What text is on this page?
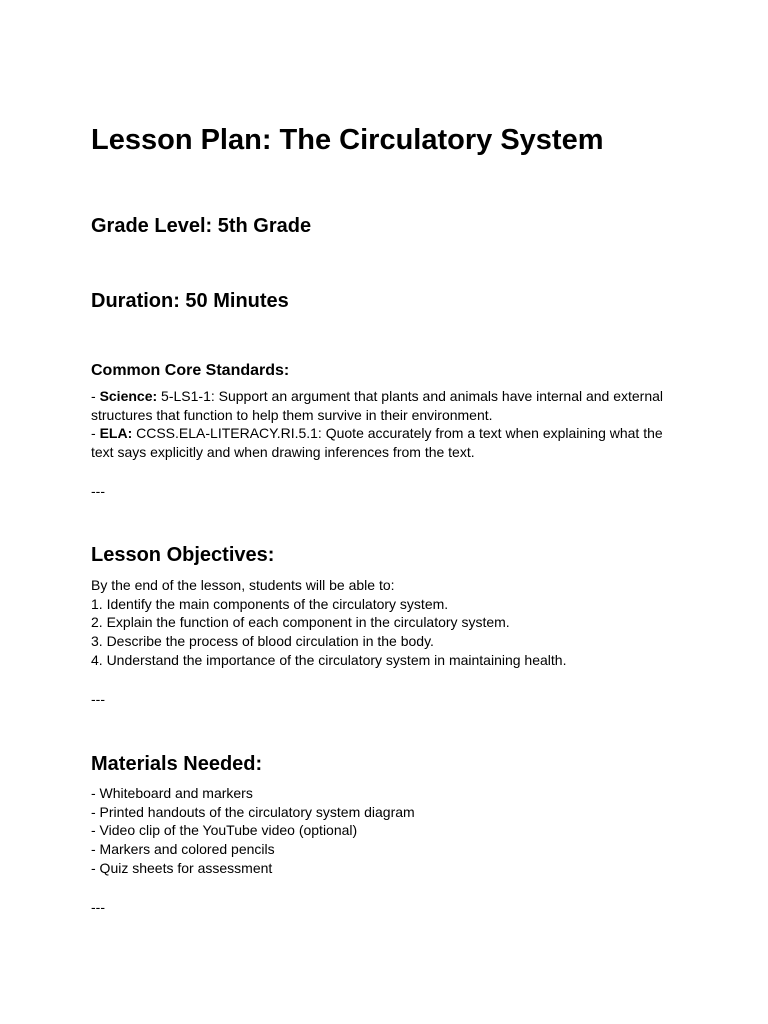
Lesson Plan: The Circulatory System
Grade Level: 5th Grade
Duration: 50 Minutes
Common Core Standards:
- Science: 5-LS1-1: Support an argument that plants and animals have internal and external
structures that function to help them survive in their environment.
- ELA: CCSS.ELA-LITERACY.RI.5.1: Quote accurately from a text when explaining what the
text says explicitly and when drawing inferences from the text.
---
Lesson Objectives:
By the end of the lesson, students will be able to:
1. Identify the main components of the circulatory system.
2. Explain the function of each component in the circulatory system.
3. Describe the process of blood circulation in the body.
4. Understand the importance of the circulatory system in maintaining health.
---
Materials Needed:
- Whiteboard and markers
- Printed handouts of the circulatory system diagram
- Video clip of the YouTube video (optional)
- Markers and colored pencils
- Quiz sheets for assessment
---
